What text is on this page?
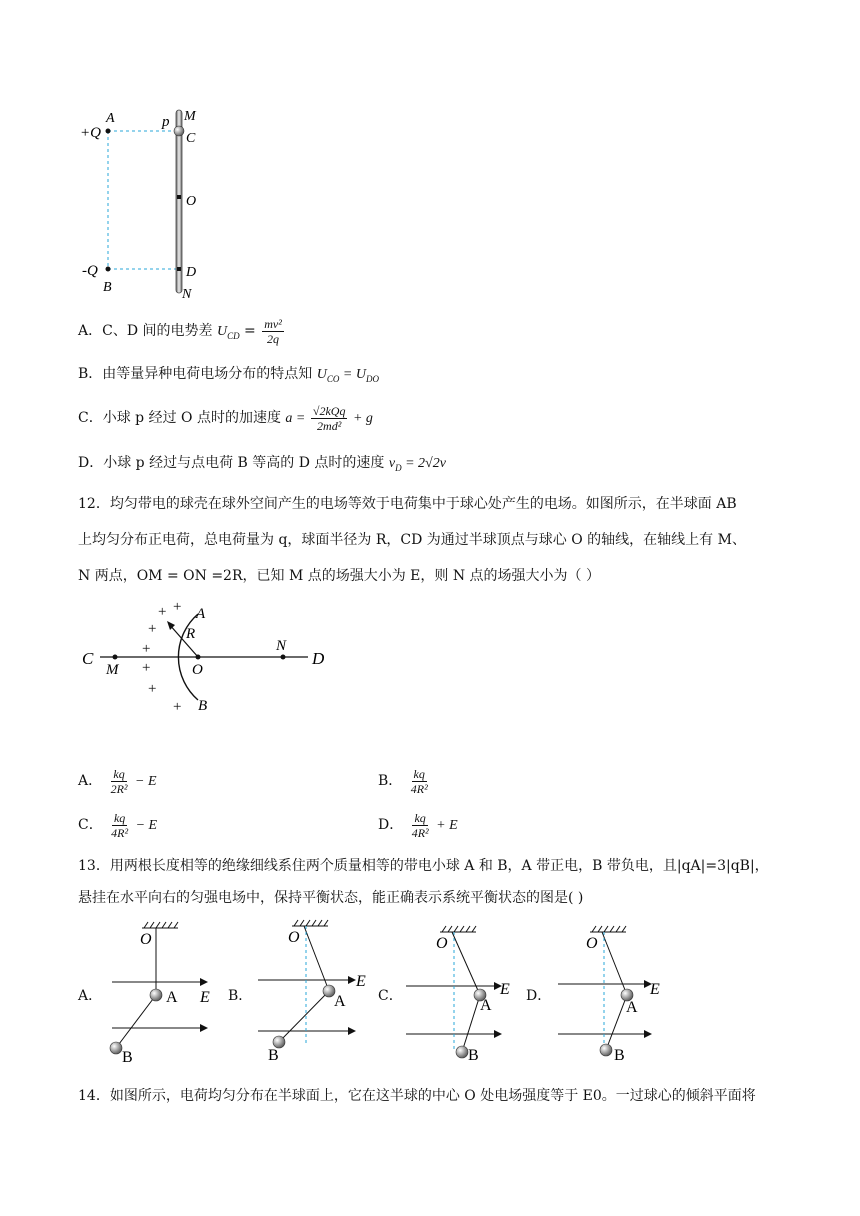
+Q
A	p M
C
O
-Q	D
B	N
A．C、D 间的电势差 $U_{CD} = \frac{\text{mv²}}{2q}$
B．由等量异种电荷电场分布的特点知 $U_{CO} = U_{DO}$
C．小球 p 经过 O 点时的加速度 $a = \frac{\text{√2kQq}}{\text{2md²}} + g$
D．小球 p 经过与点电荷 B 等高的 D 点时的速度 $v_D = 2√2v$
12．均匀带电的球壳在球外空间产生的电场等效于电荷集中于球心处产生的电场。如图所示，在半球面 AB
上均匀分布正电荷，总电荷量为 q，球面半径为 R，CD 为通过半球顶点与球心 O 的轴线，在轴线上有 M、
N 两点，OM = ON =2R，已知 M 点的场强大小为 E，则 N 点的场强大小为（ ）
C
M	O
N
D
A
B
R
+ +
+
+
+
+
+
A． $\frac{kq}{\text{2R²}} - E$	B． $\frac{kq}{\text{4R²}}$
C． $\frac{kq}{\text{4R²}} - E$	D． $\frac{kq}{\text{4R²}} + E$
13．用两根长度相等的绝缘细线系住两个质量相等的带电小球 A 和 B，A 带正电，B 带负电，且|qA|=3|qB|，
悬挂在水平向右的匀强电场中，保持平衡状态，能正确表示系统平衡状态的图是( )
A．
O
A E
B
B．
O
A
E
B
C．
O
A
E
B
D．
O
A
E
B
14．如图所示，电荷均匀分布在半球面上，它在这半球的中心 O 处电场强度等于 E0。一过球心的倾斜平面将
